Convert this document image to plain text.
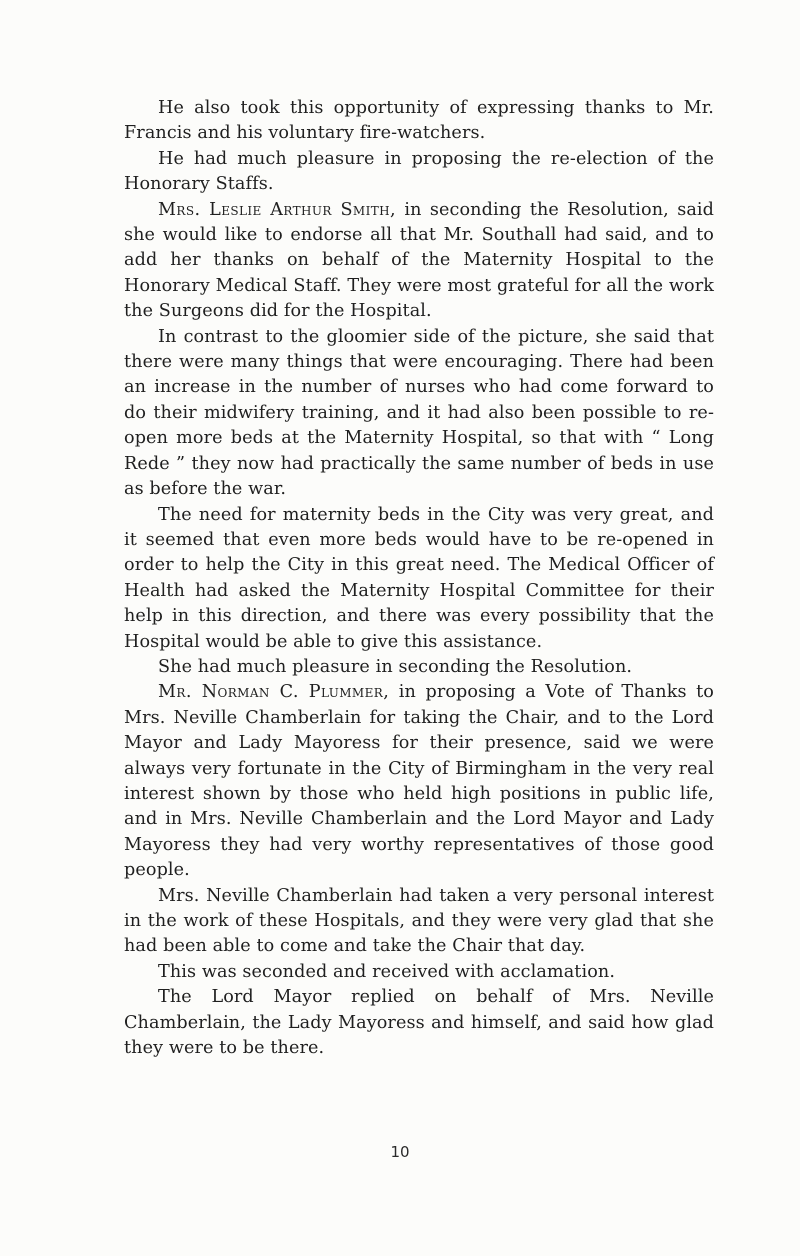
He also took this opportunity of expressing thanks to Mr. Francis and his voluntary fire-watchers.

He had much pleasure in proposing the re-election of the Honorary Staffs.

Mrs. Leslie Arthur Smith, in seconding the Resolution, said she would like to endorse all that Mr. Southall had said, and to add her thanks on behalf of the Maternity Hospital to the Honorary Medical Staff. They were most grateful for all the work the Surgeons did for the Hospital.

In contrast to the gloomier side of the picture, she said that there were many things that were encouraging. There had been an increase in the number of nurses who had come forward to do their midwifery training, and it had also been possible to re-open more beds at the Maternity Hospital, so that with “ Long Rede ” they now had practically the same number of beds in use as before the war.

The need for maternity beds in the City was very great, and it seemed that even more beds would have to be re-opened in order to help the City in this great need. The Medical Officer of Health had asked the Maternity Hospital Committee for their help in this direction, and there was every possibility that the Hospital would be able to give this assistance.

She had much pleasure in seconding the Resolution.

Mr. Norman C. Plummer, in proposing a Vote of Thanks to Mrs. Neville Chamberlain for taking the Chair, and to the Lord Mayor and Lady Mayoress for their presence, said we were always very fortunate in the City of Birmingham in the very real interest shown by those who held high positions in public life, and in Mrs. Neville Chamberlain and the Lord Mayor and Lady Mayoress they had very worthy representatives of those good people.

Mrs. Neville Chamberlain had taken a very personal interest in the work of these Hospitals, and they were very glad that she had been able to come and take the Chair that day.

This was seconded and received with acclamation.

The Lord Mayor replied on behalf of Mrs. Neville Chamberlain, the Lady Mayoress and himself, and said how glad they were to be there.

10
